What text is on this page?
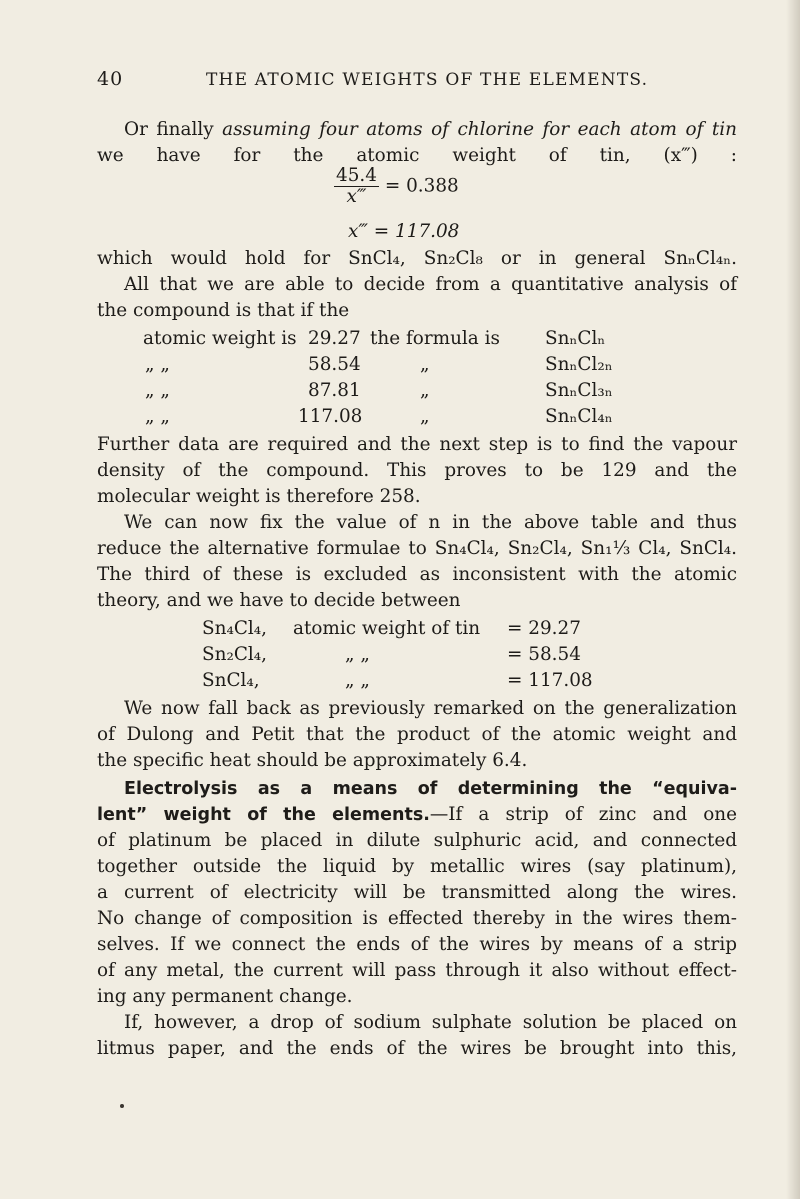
40	THE ATOMIC WEIGHTS OF THE ELEMENTS.
Or finally assuming four atoms of chlorine for each atom of tin
we have for the atomic weight of tin, (x‴) :
$\frac{45.4}{x‴} = 0.388$
x‴ = 117.08
which would hold for SnCl₄, Sn₂Cl₈ or in general SnₙCl₄ₙ.
All that we are able to decide from a quantitative analysis of
the compound is that if the
atomic weight is 29.27 the formula is SnₙClₙ
„ „	58.54	„	SnₙCl₂ₙ
„ „	87.81	„	SnₙCl₃ₙ
„ „	117.08	„	SnₙCl₄ₙ
Further data are required and the next step is to find the vapour
density of the compound. This proves to be 129 and the
molecular weight is therefore 258.
We can now fix the value of n in the above table and thus
reduce the alternative formulae to Sn₄Cl₄, Sn₂Cl₄, Sn₁⅓ Cl₄, SnCl₄.
The third of these is excluded as inconsistent with the atomic
theory, and we have to decide between
Sn₄Cl₄, atomic weight of tin = 29.27
Sn₂Cl₄,	„ „	= 58.54
SnCl₄,	„ „	= 117.08
We now fall back as previously remarked on the generalization
of Dulong and Petit that the product of the atomic weight and
the specific heat should be approximately 6.4.
Electrolysis as a means of determining the “equiva-
lent” weight of the elements.—If a strip of zinc and one
of platinum be placed in dilute sulphuric acid, and connected
together outside the liquid by metallic wires (say platinum),
a current of electricity will be transmitted along the wires.
No change of composition is effected thereby in the wires them-
selves. If we connect the ends of the wires by means of a strip
of any metal, the current will pass through it also without effect-
ing any permanent change.
If, however, a drop of sodium sulphate solution be placed on
litmus paper, and the ends of the wires be brought into this,
